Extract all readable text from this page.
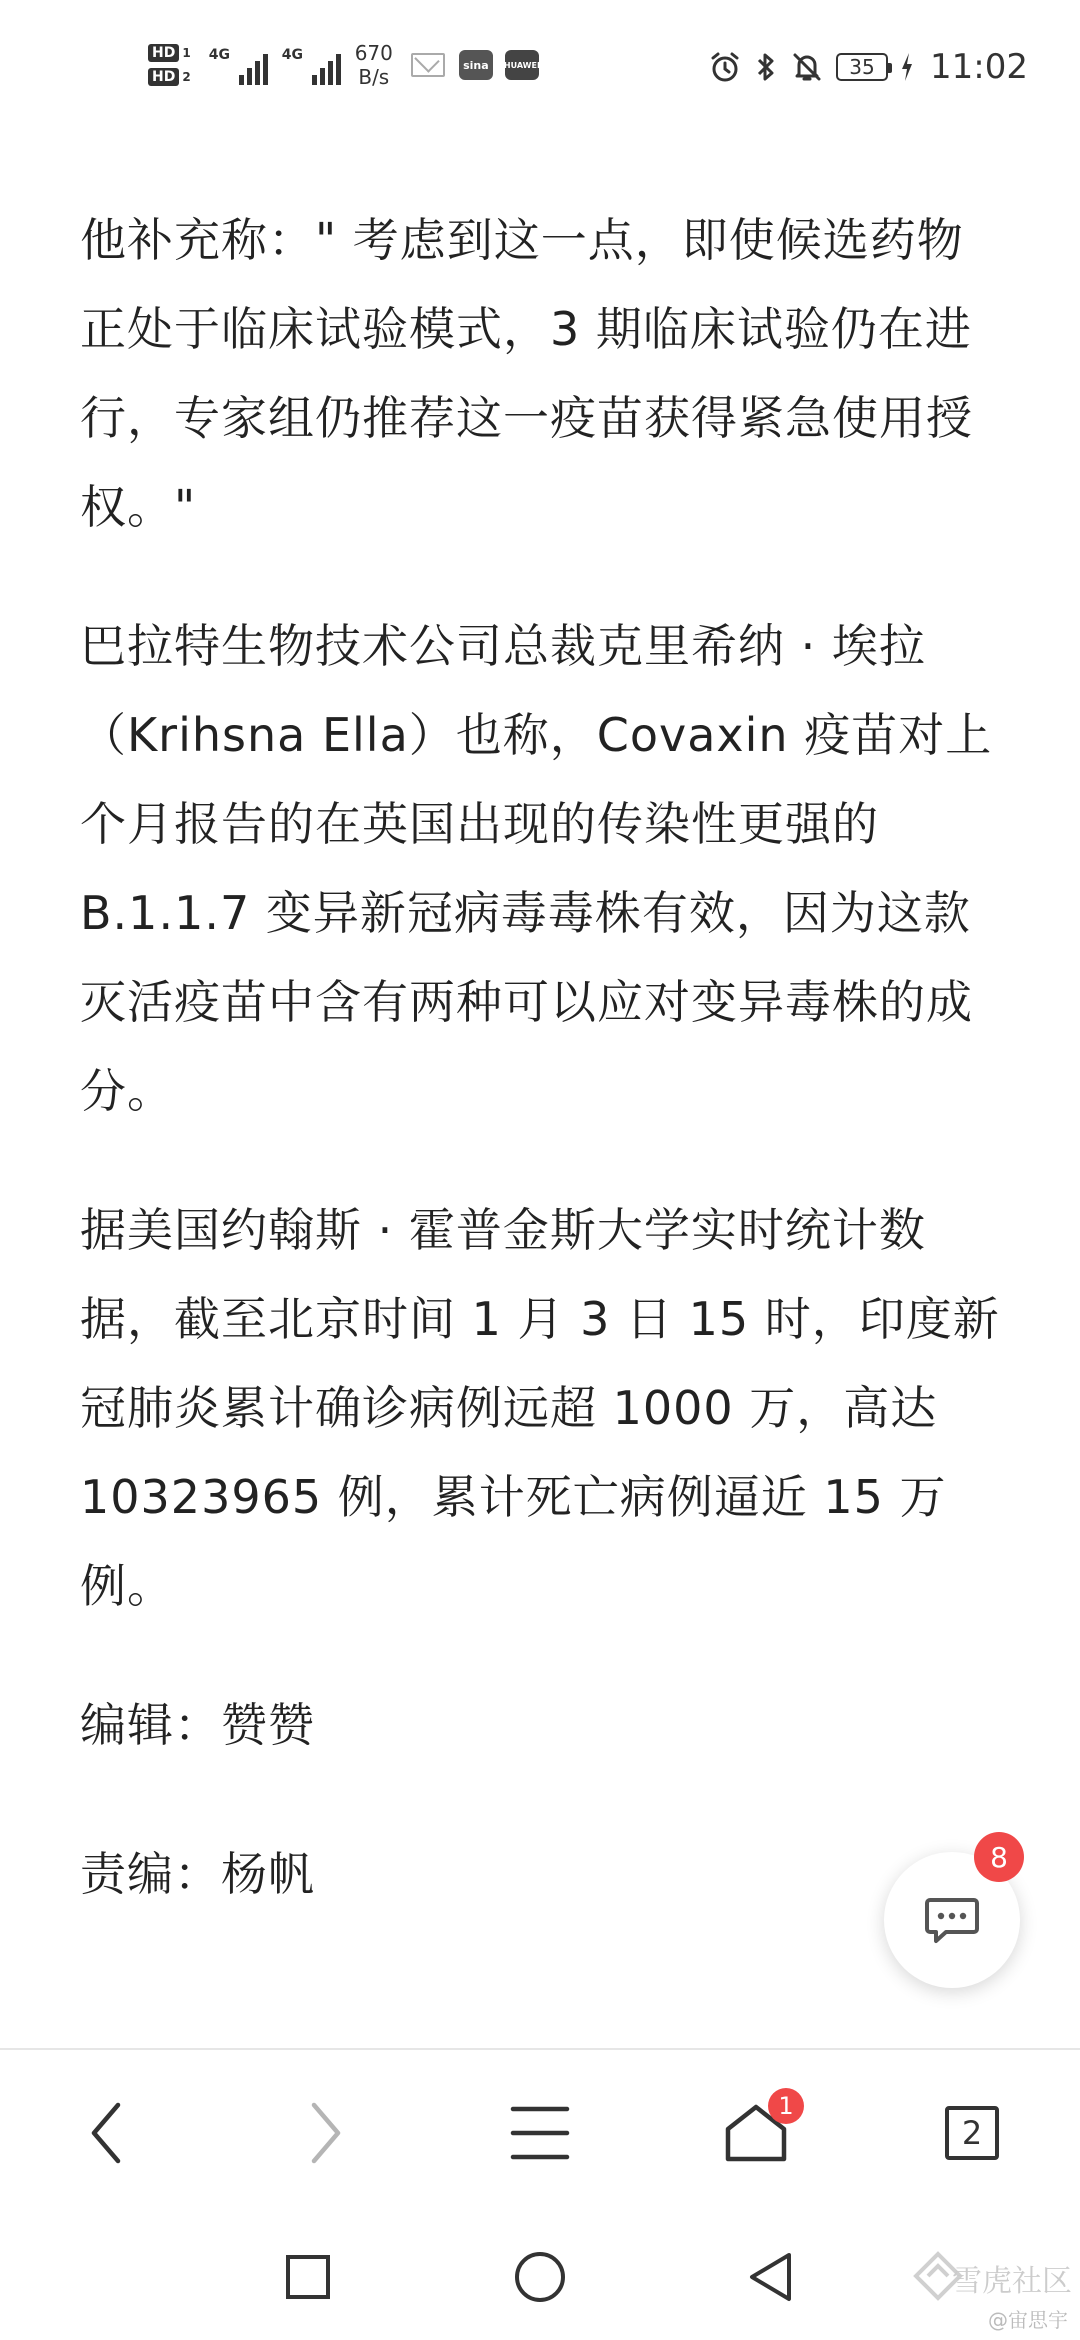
HD 1
HD 2
4G	4G	670
B/s	sina	HUAWEI	35 11:02

他补充称：" 考虑到这一点，即使候选药物正处于临床试验模式，3 期临床试验仍在进行，专家组仍推荐这一疫苗获得紧急使用授权。"

巴拉特生物技术公司总裁克里希纳 · 埃拉（Krihsna Ella）也称，Covaxin 疫苗对上个月报告的在英国出现的传染性更强的 B.1.1.7 变异新冠病毒毒株有效，因为这款灭活疫苗中含有两种可以应对变异毒株的成分。

据美国约翰斯 · 霍普金斯大学实时统计数据，截至北京时间 1 月 3 日 15 时，印度新冠肺炎累计确诊病例远超 1000 万，高达 10323965 例，累计死亡病例逼近 15 万例。

编辑：赞赞

责编：杨帆	8
1
2
雪虎社区
@宙思宇
